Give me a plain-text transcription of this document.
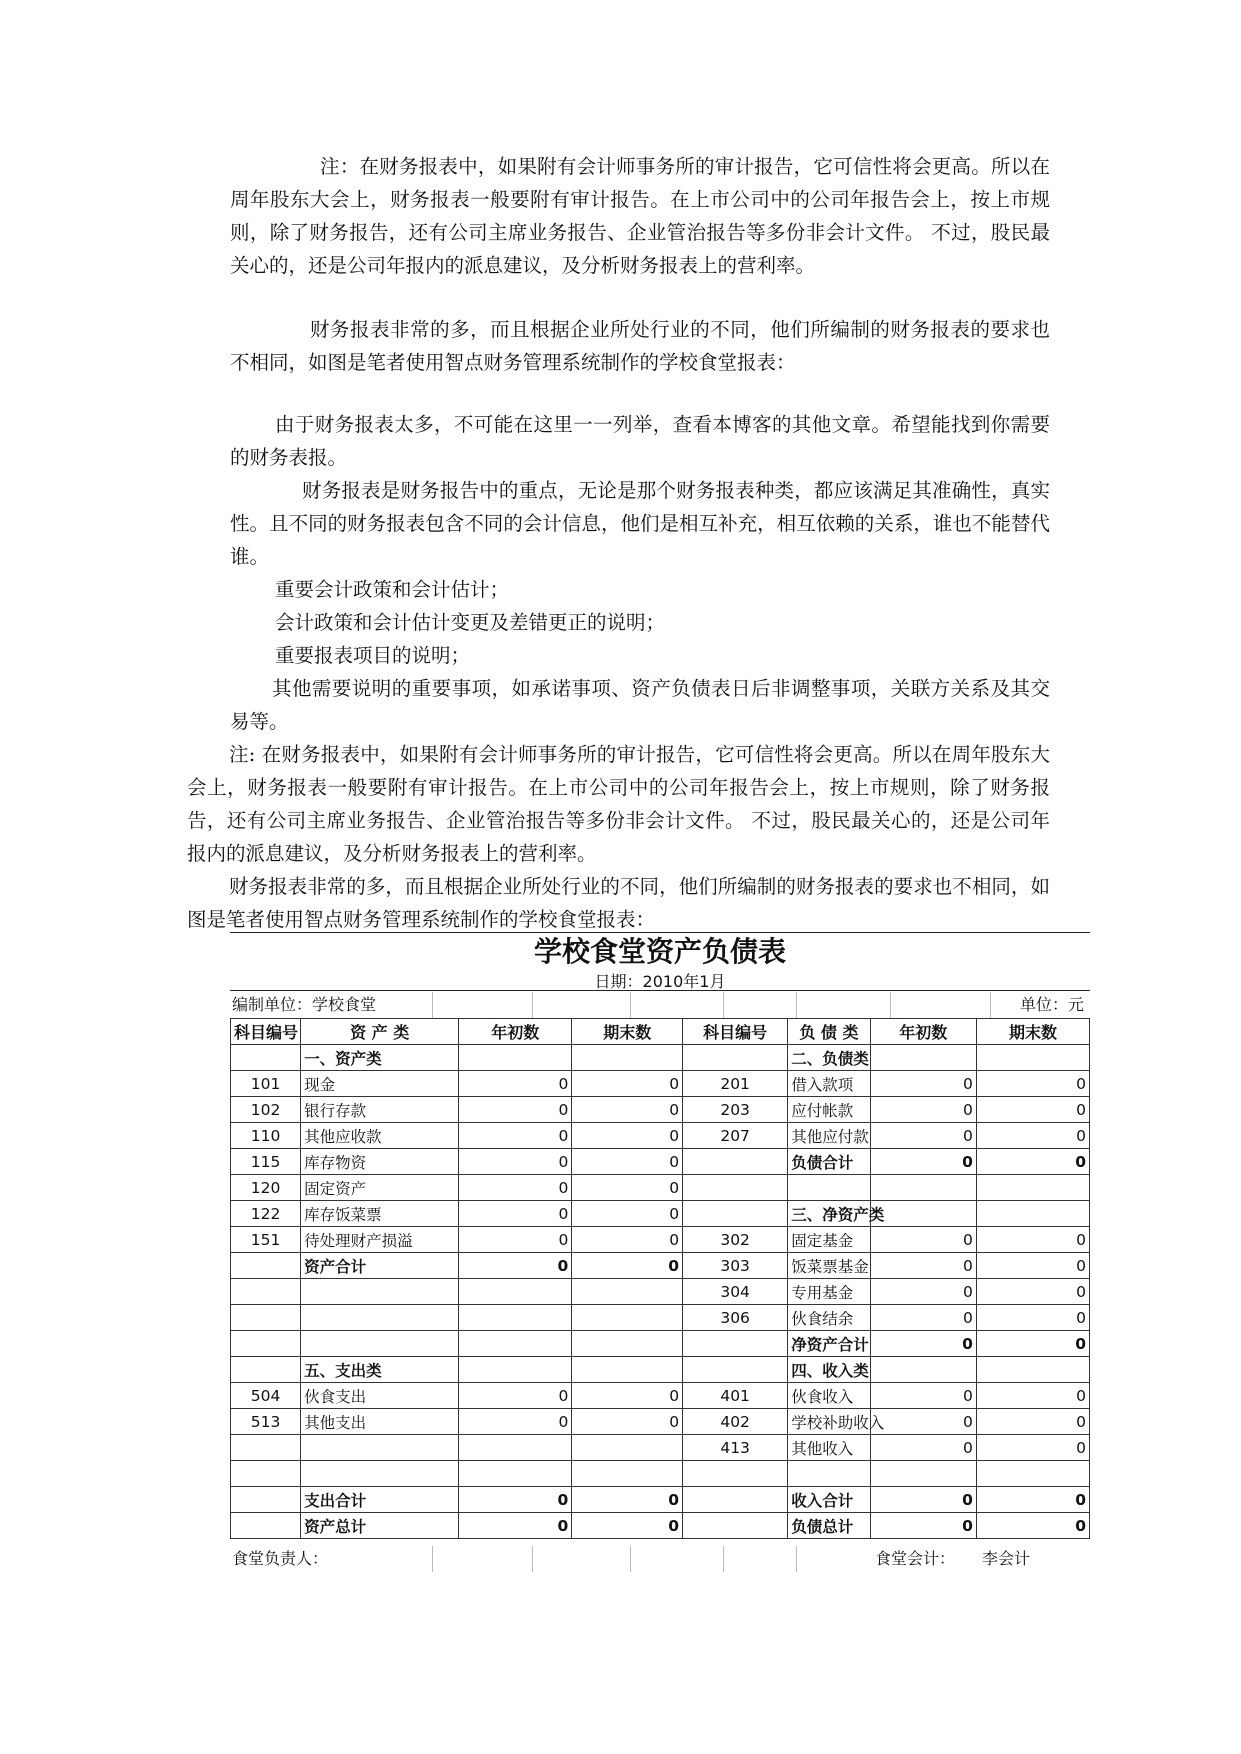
注：在财务报表中，如果附有会计师事务所的审计报告，它可信性将会更高。所以在周年股东大会上，财务报表一般要附有审计报告。在上市公司中的公司年报告会上，按上市规则，除了财务报告，还有公司主席业务报告、企业管治报告等多份非会计文件。 不过，股民最关心的，还是公司年报内的派息建议，及分析财务报表上的营利率。

财务报表非常的多，而且根据企业所处行业的不同，他们所编制的财务报表的要求也不相同，如图是笔者使用智点财务管理系统制作的学校食堂报表：

由于财务报表太多，不可能在这里一一列举，查看本博客的其他文章。希望能找到你需要的财务表报。

财务报表是财务报告中的重点，无论是那个财务报表种类，都应该满足其准确性，真实性。且不同的财务报表包含不同的会计信息，他们是相互补充，相互依赖的关系，谁也不能替代谁。

重要会计政策和会计估计；

会计政策和会计估计变更及差错更正的说明；

重要报表项目的说明；

其他需要说明的重要事项，如承诺事项、资产负债表日后非调整事项，关联方关系及其交易等。

注: 在财务报表中，如果附有会计师事务所的审计报告，它可信性将会更高。所以在周年股东大会上，财务报表一般要附有审计报告。在上市公司中的公司年报告会上，按上市规则，除了财务报告，还有公司主席业务报告、企业管治报告等多份非会计文件。 不过，股民最关心的，还是公司年报内的派息建议，及分析财务报表上的营利率。

财务报表非常的多，而且根据企业所处行业的不同，他们所编制的财务报表的要求也不相同，如图是笔者使用智点财务管理系统制作的学校食堂报表：

学校食堂资产负债表
日期：2010年1月
编制单位：学校食堂	单位：元
科目编号	资 产 类	年初数	期末数	科目编号	负 债 类	年初数	期末数
	一、资产类				二、负债类		
101	现金	0	0	201	借入款项	0	0
102	银行存款	0	0	203	应付帐款	0	0
110	其他应收款	0	0	207	其他应付款	0	0
115	库存物资	0	0		负债合计	0	0
120	固定资产	0	0				
122	库存饭菜票	0	0		三、净资产类		
151	待处理财产损溢	0	0	302	固定基金	0	0
	资产合计	0	0	303	饭菜票基金	0	0
				304	专用基金	0	0
				306	伙食结余	0	0
					净资产合计	0	0
	五、支出类				四、收入类		
504	伙食支出	0	0	401	伙食收入	0	0
513	其他支出	0	0	402	学校补助收入	0	0
				413	其他收入	0	0

	支出合计	0	0		收入合计	0	0
	资产总计	0	0		负债总计	0	0
食堂负责人：	食堂会计： 李会计
